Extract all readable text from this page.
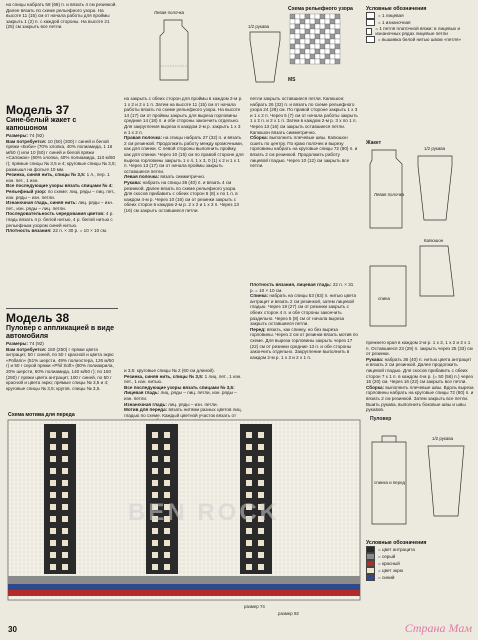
на спицы набрать 58 (68) п. и вязать 4 см резинкой. Далее вязать по схеме рельефного узора. На высоте 11 (15) см от начала работы для проймы закрыть 1 (2) п. с каждой стороны. На высоте 21 (25) см закрыть все петли.
Модель 37
Сине-белый жакет с капюшоном
Размеры: 74 (92)
Вам потребуется: 10 (50) (200) г синей и белой пряжи «Бэби» (70% хлопка, 40% полиамида, 1 16 м/50 г) или 10 (50) г синей и белой пряжи «Сапожок» (60% хлопка, 40% полиамида, 110 м/50 г); прямые спицы № 3,5 и 4; круговые спицы № 3,5; размышл на фольге 10 мм.
Резинка, синяя нить, спицы № 3,5: 1 л., пер. 1 изн. пет., 1 изн.
Все последующие узоры вязать спицами № 4:
Рельефный узор: по схеме: лиц. ряды – лиц. пет., изн. ряды – изн. петли.
Изнаночная гладь, синяя нить: лиц. ряды – изн. пет., изн. ряды – лиц. петли.
Последовательность чередования цветов: 4 р. гладь вязать 4 р. белой нитью, 4 р. белой нитью с рельефным узором синей нитью.
Плотность вязания: 22 п. × 30 р. = 10 × 10 см.
Модель 38
Пуловер с аппликацией в виде автомобиля
Размеры: 74 (92)
Вам потребуется: 150 (250) г пряжи цвета антрацит, 50 г синей, по 50 г красной и цвета экрю «Роllаrin» (51% шерсти, 49% полиэстера, 126 м/50 г) и 50 г серой пряжи «Phil Soft» (80% полиакрила, 20% шерсти, 60% полиамида, 140 м/50 г); по 150 (250) г пряжи цвета антрацит, 100 г синей, по 50 г красной и цвета экрю; прямые спицы № 3,5 и 4; круговые спицы № 3,5; кругов. спицы № 3,5.
Левая полочка
1/2 рукава
на закрыть с обеих сторон для проймы в каждом 2-м р. 1 х 2 и 2 х 1 п. Затем на высоте 11 (15) см от начала работы вязать по схеме рельефного узора. На высоте 14 (17) см от проймы закрыть для выреза горловины средние 14 (18) п. и обе стороны закончить отдельно. Для закругления выреза в каждом 2-м р. закрыть 1 х 3 и 1 х 2 п.
Правая полочка: на спицы набрать 27 (32) п. и вязать 2 см резинкой. Продолжить работу между кромочными, как для спинки. С левой стороны выполнить пройму, как для спинки. Через 10 (15) см по правой стороне для выреза горловины закрыть 1 х 4, 1 х 3, 0 (1) х 2 и 1 х 1 п. Через 13 (17) см от начала проймы закрыть оставшиеся петли.
Левая полочка: вязать симметрично.
Рукава: набрать на спицы 36 (40) п. и вязать 4 см резинкой. Далее вязать по схеме рельефного узора. Для скосов прибавить с обеих сторон 6 (8) х по 1 п. в каждом 4-м р. Через 10 (16) см от резинки закрыть с обеих сторон в каждом 2-м р. 2 х 2 и 1 х 3 п. Через 13 (16) см закрыть оставшиеся петли.
и 3,5: круговые спицы № 2 (60 см длиной).
Резинка, синяя нить, спицы № 3,5: 1 лиц. пет., 1 изн. пет., 1 изн. нитью.
Все последующие узоры вязать спицами № 3,5:
Лицевая гладь: лиц. ряды – лиц. петли, изн. ряды – изн. петли.
Изнаночная гладь: лиц. ряды – изн. петли.
Мотив для переда: вязать нитями разных цветов лиц. гладью по схеме. Каждый цветной участок вязать от
Схема рельефного узора
MS
петли закрыть оставшиеся петли. Капюшон: набрать 26 (32) п. и вязать по схеме рельефного узора 24 (28) см. По правой стороне закрыть 1 х 3 и 1 х 2 п. Через 5 (7) см от начала работы закрыть 1 х 2 п. и 2 х 1 п. Затем в каждом 2-м р. 3 х по 1 п. Через 13 (16) см закрыть оставшиеся петли. Капюшон вязать симметрично.
Сборка: выполнить плечевые швы. Капюшон сшить по центру. По краю полочек и вырезу горловины набрать на круговые спицы 72 (80) п. и вязать 2 см резинкой. Продолжить работу лицевой гладью. Через 10 (12) см закрыть все петли.
Плотность вязания, лицевая гладь: 22 п. × 31 р. = 10 × 10 см.
Спинка: набрать на спицы 53 (63) п. нитью цвета антрацит и вязать 2 см резинкой, затем лицевой гладью. Через 19 (27) см от резинки закрыть с обеих сторон 4 п. и обе стороны закончить раздельно. Через 5 (8) см от начала выреза закрыть оставшиеся петли.
Перед: вязать, как спинку, но без выреза горловины. Через 2 см от резинки вязать мотив по схеме. Для выреза горловины закрыть через 17 (22) см от резинки средние 13 п. и обе стороны закончить отдельно. Закругление выполнить в каждом 2-м р. 1 х 2 и 2 х 1 п.
Условные обозначения
= 1 лицевая
= 1 изнаночная
= 1 петля платочной вязки: в лицевых и изнаночных рядах лицевые петли
= вышивка белой нитью швом «петля»
Жакет
Левая полочка
1/2 рукава
Капюшон
спина
прежнего края в каждом 2-м р. 1 х 3, 1 х 2 и 2 х 1 п. Оставшиеся 23 (29) п. закрыть через 25 (33) см от резинки.
Рукава: набрать 36 (40) п. нитью цвета антрацит и вязать 2 см резинкой. Далее продолжить лицевой гладью. Для скосов прибавить с обеих сторон 7 х 1 п. в каждом 4-м р. (= 50 (56) п.) через 15 (20) см. Через 16 (22) см закрыть все петли.
Сборка: выполнить плечевые швы. Вдоль выреза горловины набрать на круговые спицы 72 (80) п. и вязать 2 см резинкой. Затем закрыть все петли. Вшить рукава, выполнить боковые швы и швы рукавов.
Схема мотива для переда
размер 74
размер 92
BEN ROCK
Пуловер
спинка и перед
1/2 рукава
Условные обозначения
= цвет антрацита
= серый
= красный
= цвет экрю
= синий
30	Страна Мам
